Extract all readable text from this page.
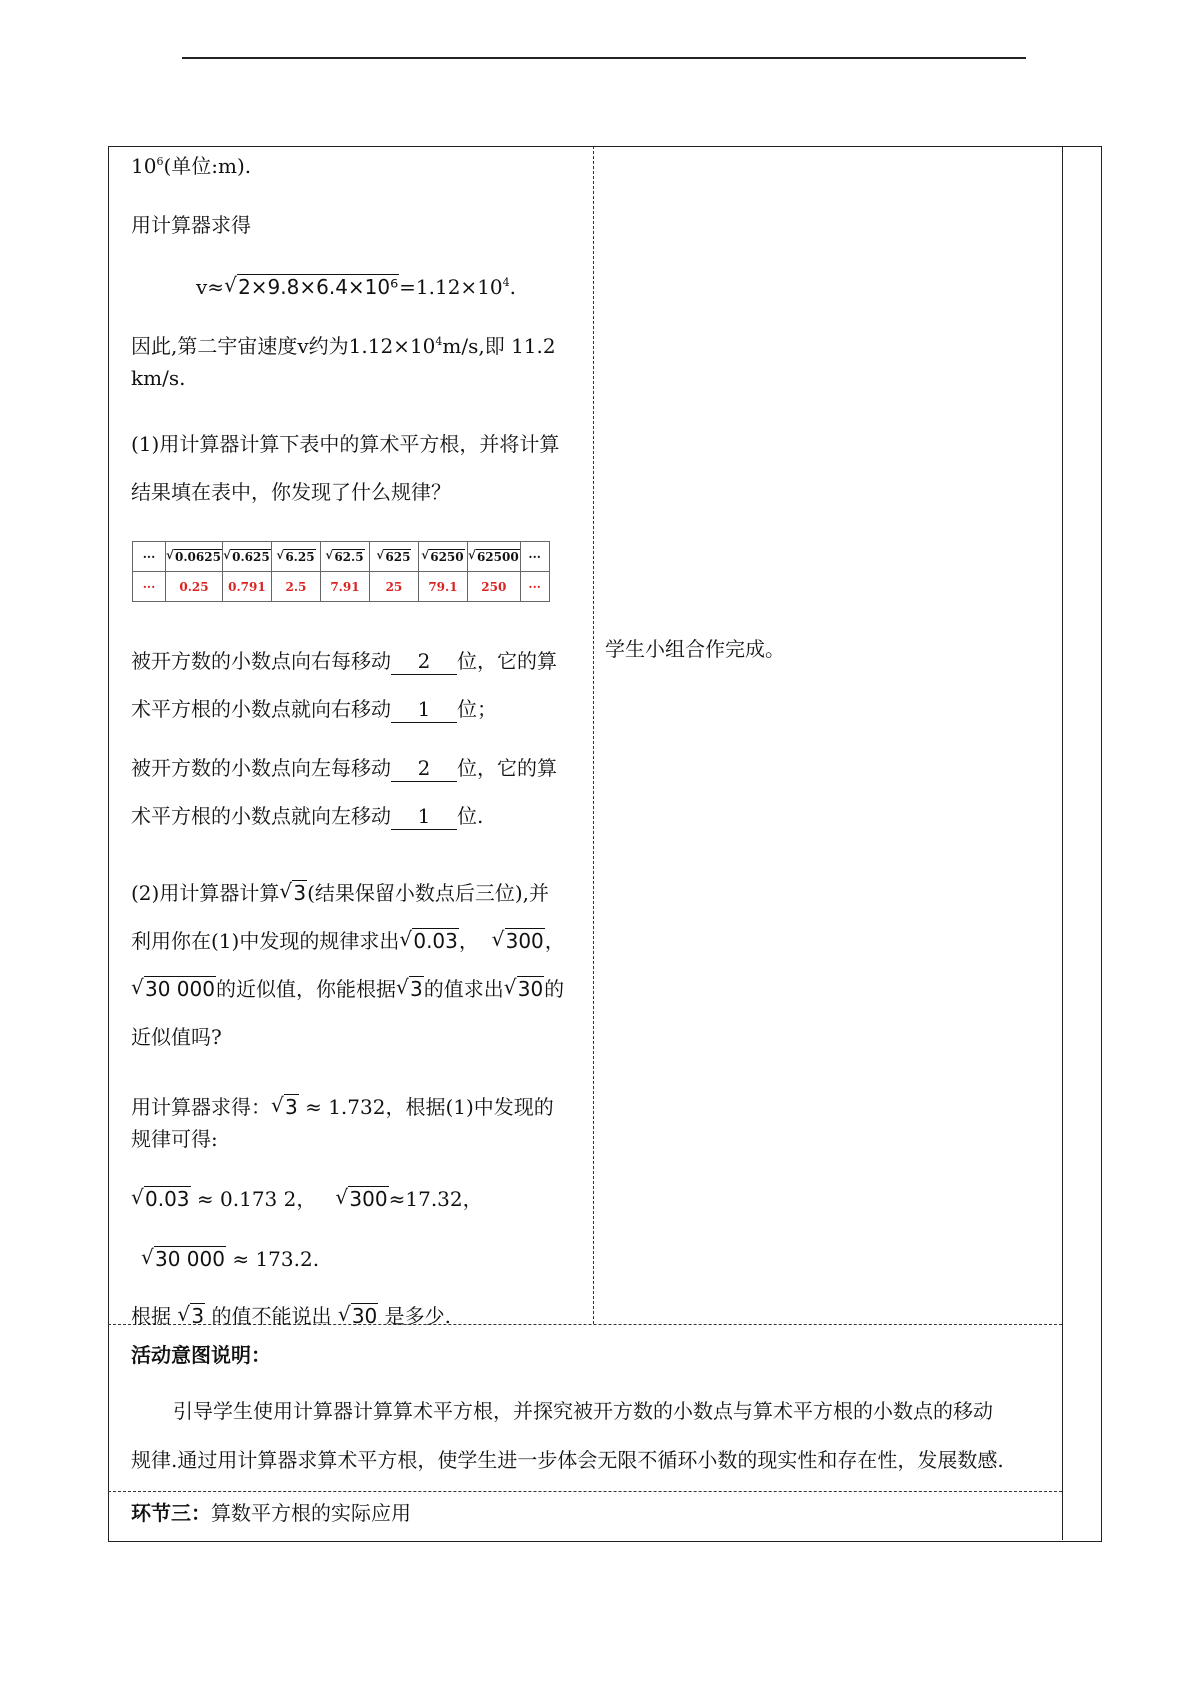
$10^6$(单位:m).
用计算器求得
v≈ √ $2\times 9.8\times 6.4\times 10^6=1.12\times 10^4$.
因此,第二宇宙速度v约为$1.12\times 10^4m/s$,即 11.2
km/s.
(1)用计算器计算下表中的算术平方根，并将计算
结果填在表中，你发现了什么规律？
···	√ 0.0625	√ 0.625	√ 6.25	√ 62.5	√ 625	√ 6250	√ 62500	···
···	0.25	0.791	2.5	7.91	25	79.1	250	···
被开方数的小数点向右每移动 2 位，它的算
术平方根的小数点就向右移动 1 位；
被开方数的小数点向左每移动 2 位，它的算
术平方根的小数点就向左移动 1 位.
(2)用计算器计算 √ 3(结果保留小数点后三位),并
利用你在(1)中发现的规律求出 √ 0.03， √ 300，
√ 30 000的近似值，你能根据 √ 3的值求出 √ 30的
近似值吗?
用计算器求得： √ 3 ≈ 1.732，根据(1)中发现的
规律可得:
√ 0.03 ≈ 0.173 2， √ 300≈17.32，
√ 30 000 ≈ 173.2.
根据 √ 3 的值不能说出 √ 30 是多少.
学生小组合作完成。
活动意图说明：
引导学生使用计算器计算算术平方根，并探究被开方数的小数点与算术平方根的小数点的移动
规律.通过用计算器求算术平方根，使学生进一步体会无限不循环小数的现实性和存在性，发展数感.
环节三：算数平方根的实际应用
